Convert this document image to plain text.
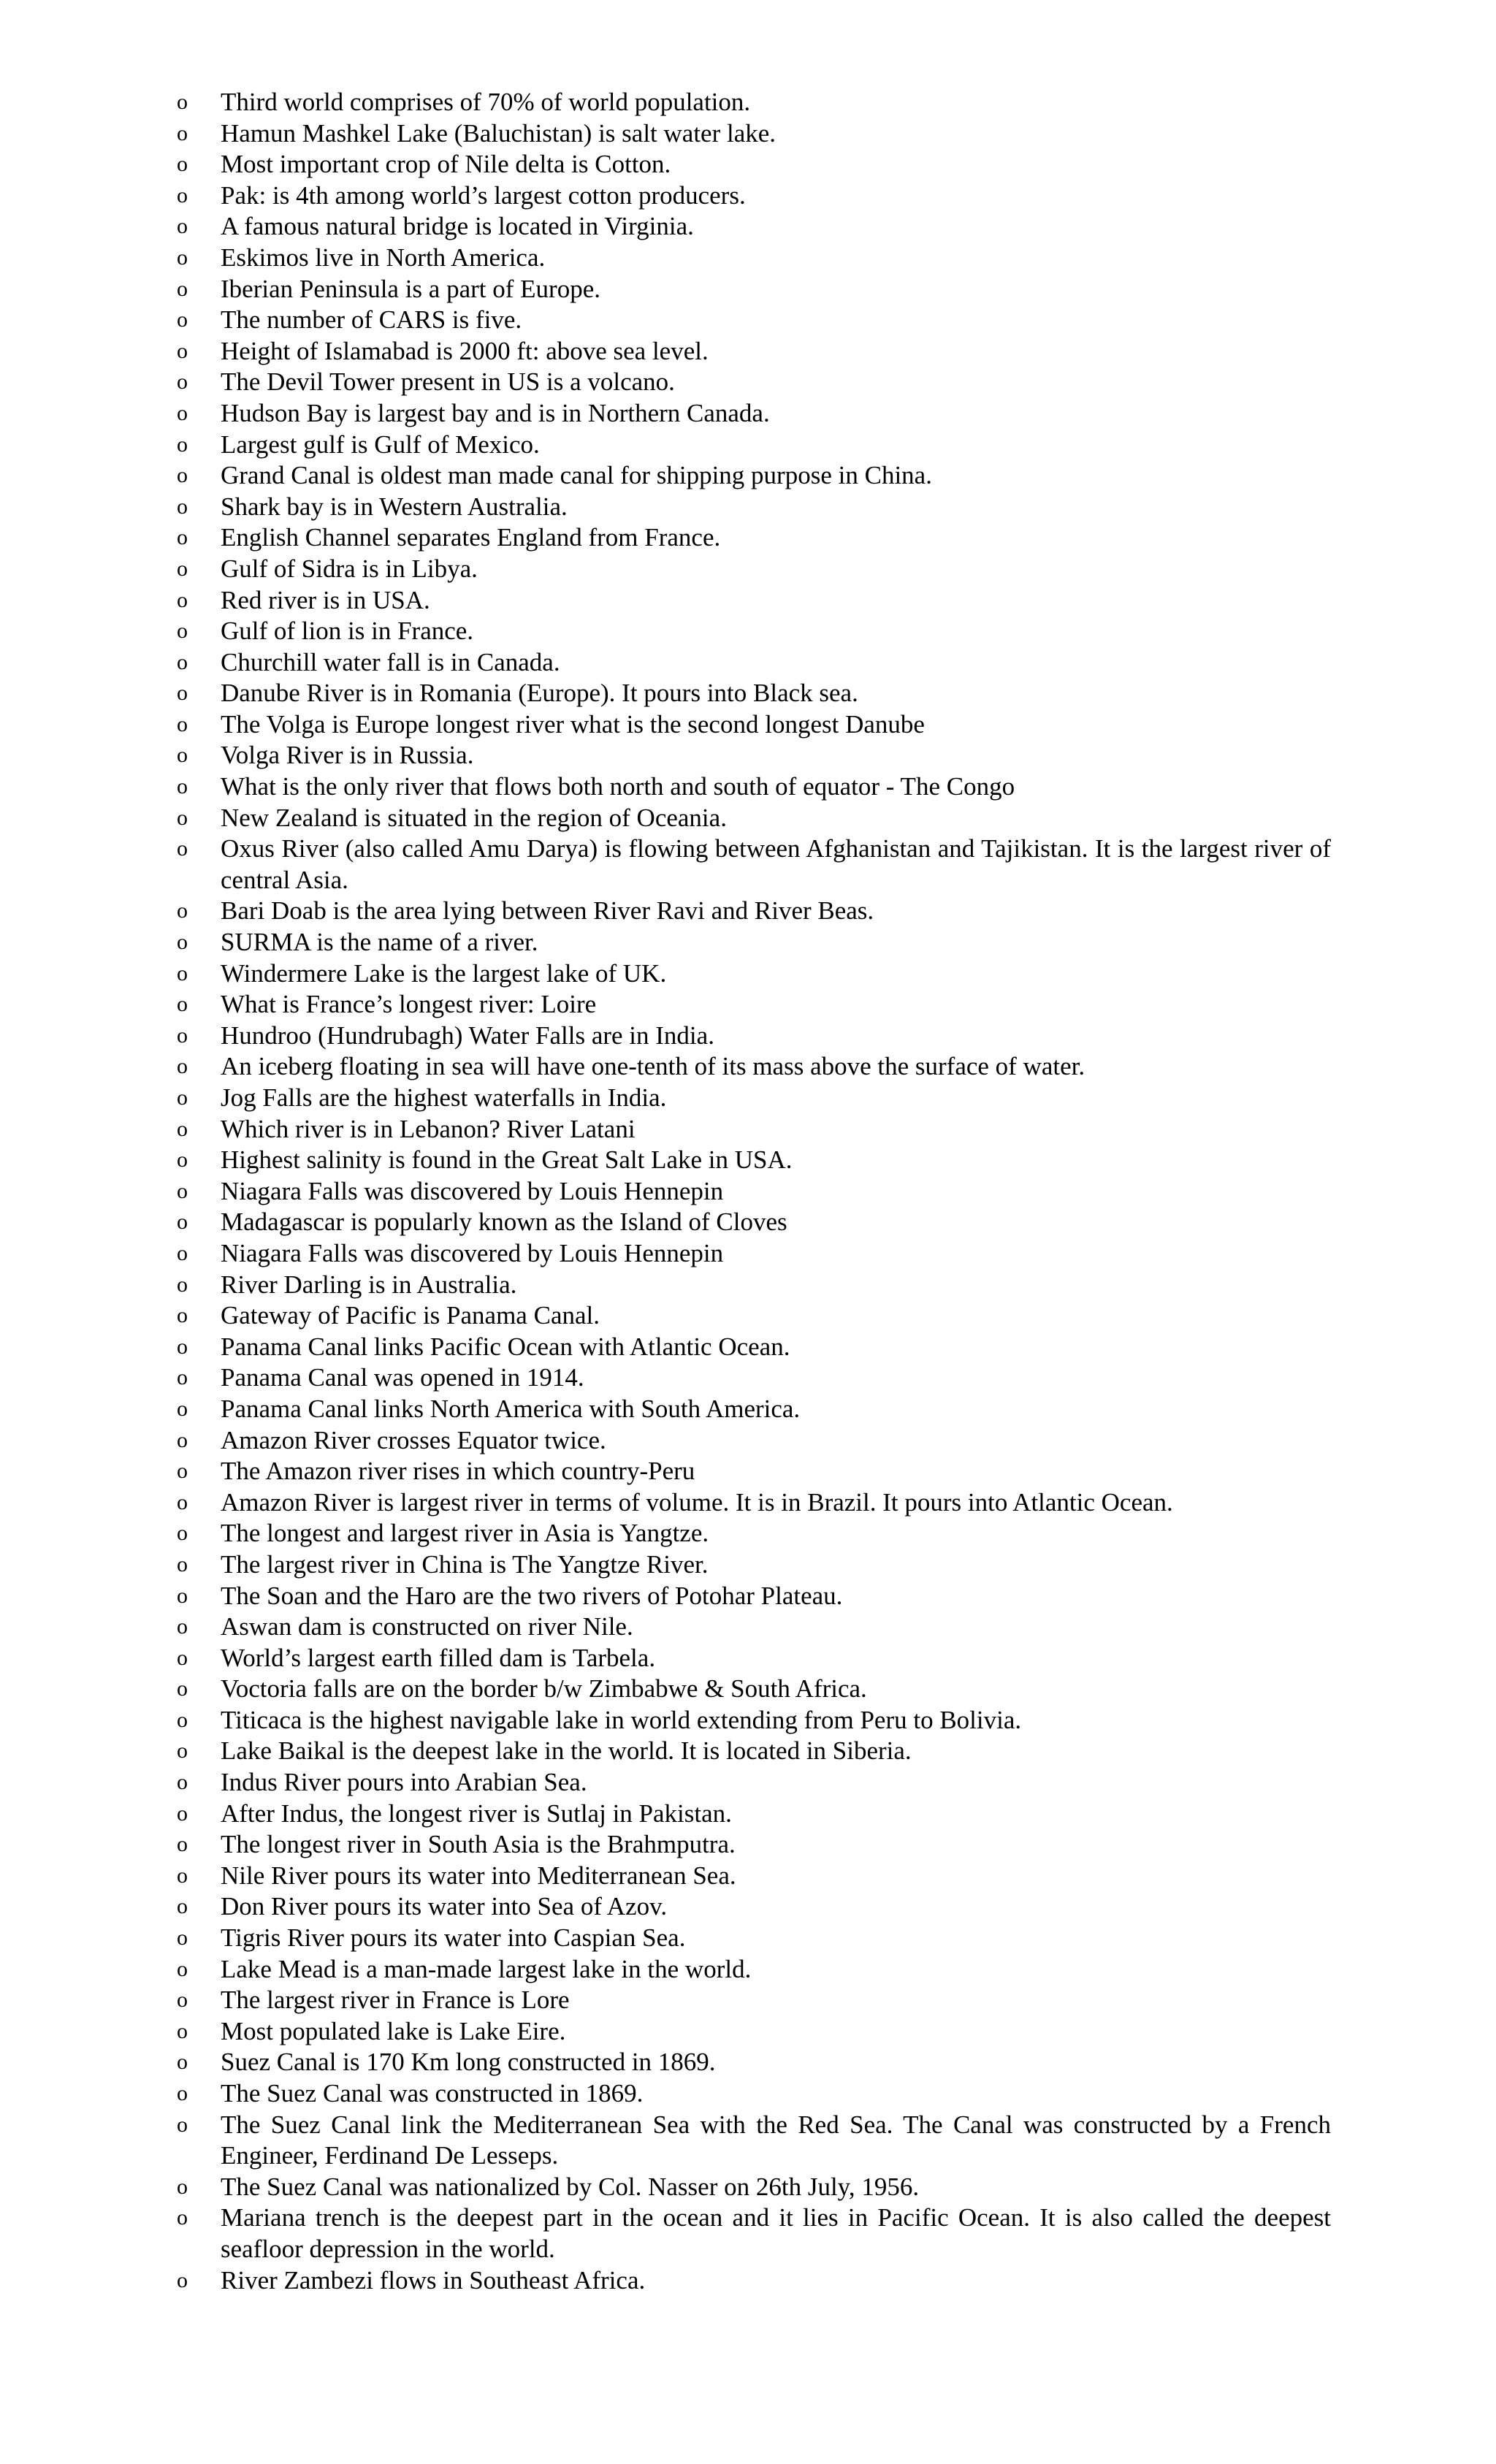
o	Third world comprises of 70% of world population.
o	Hamun Mashkel Lake (Baluchistan) is salt water lake.
o	Most important crop of Nile delta is Cotton.
o	Pak: is 4th among world’s largest cotton producers.
o	A famous natural bridge is located in Virginia.
o	Eskimos live in North America.
o	Iberian Peninsula is a part of Europe.
o	The number of CARS is five.
o	Height of Islamabad is 2000 ft: above sea level.
o	The Devil Tower present in US is a volcano.
o	Hudson Bay is largest bay and is in Northern Canada.
o	Largest gulf is Gulf of Mexico.
o	Grand Canal is oldest man made canal for shipping purpose in China.
o	Shark bay is in Western Australia.
o	English Channel separates England from France.
o	Gulf of Sidra is in Libya.
o	Red river is in USA.
o	Gulf of lion is in France.
o	Churchill water fall is in Canada.
o	Danube River is in Romania (Europe). It pours into Black sea.
o	The Volga is Europe longest river what is the second longest Danube
o	Volga River is in Russia.
o	What is the only river that flows both north and south of equator - The Congo
o	New Zealand is situated in the region of Oceania.
o	Oxus River (also called Amu Darya) is flowing between Afghanistan and Tajikistan. It is the largest river of central Asia.
o	Bari Doab is the area lying between River Ravi and River Beas.
o	SURMA is the name of a river.
o	Windermere Lake is the largest lake of UK.
o	What is France’s longest river: Loire
o	Hundroo (Hundrubagh) Water Falls are in India.
o	An iceberg floating in sea will have one-tenth of its mass above the surface of water.
o	Jog Falls are the highest waterfalls in India.
o	Which river is in Lebanon? River Latani
o	Highest salinity is found in the Great Salt Lake in USA.
o	Niagara Falls was discovered by Louis Hennepin
o	Madagascar is popularly known as the Island of Cloves
o	Niagara Falls was discovered by Louis Hennepin
o	River Darling is in Australia.
o	Gateway of Pacific is Panama Canal.
o	Panama Canal links Pacific Ocean with Atlantic Ocean.
o	Panama Canal was opened in 1914.
o	Panama Canal links North America with South America.
o	Amazon River crosses Equator twice.
o	The Amazon river rises in which country-Peru
o	Amazon River is largest river in terms of volume. It is in Brazil. It pours into Atlantic Ocean.
o	The longest and largest river in Asia is Yangtze.
o	The largest river in China is The Yangtze River.
o	The Soan and the Haro are the two rivers of Potohar Plateau.
o	Aswan dam is constructed on river Nile.
o	World’s largest earth filled dam is Tarbela.
o	Voctoria falls are on the border b/w Zimbabwe & South Africa.
o	Titicaca is the highest navigable lake in world extending from Peru to Bolivia.
o	Lake Baikal is the deepest lake in the world. It is located in Siberia.
o	Indus River pours into Arabian Sea.
o	After Indus, the longest river is Sutlaj in Pakistan.
o	The longest river in South Asia is the Brahmputra.
o	Nile River pours its water into Mediterranean Sea.
o	Don River pours its water into Sea of Azov.
o	Tigris River pours its water into Caspian Sea.
o	Lake Mead is a man-made largest lake in the world.
o	The largest river in France is Lore
o	Most populated lake is Lake Eire.
o	Suez Canal is 170 Km long constructed in 1869.
o	The Suez Canal was constructed in 1869.
o	The Suez Canal link the Mediterranean Sea with the Red Sea. The Canal was constructed by a French Engineer, Ferdinand De Lesseps.
o	The Suez Canal was nationalized by Col. Nasser on 26th July, 1956.
o	Mariana trench is the deepest part in the ocean and it lies in Pacific Ocean. It is also called the deepest seafloor depression in the world.
o	River Zambezi flows in Southeast Africa.
